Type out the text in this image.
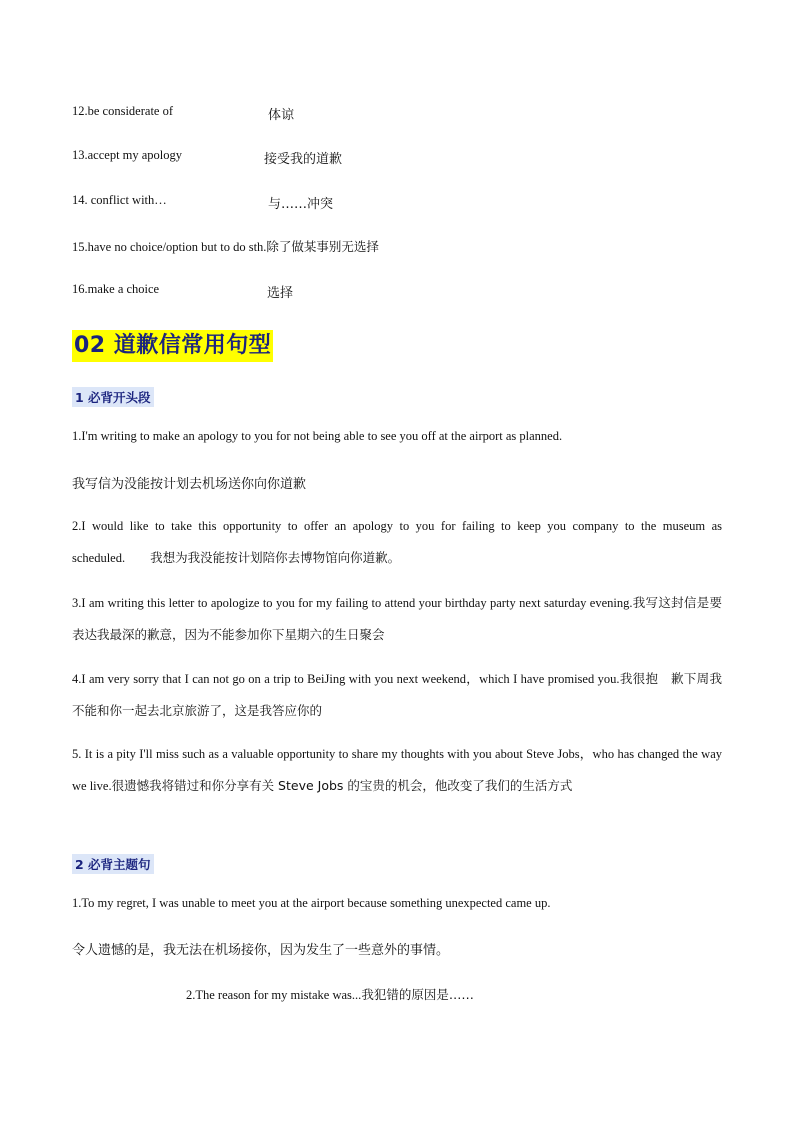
12.be considerate of	体谅
13.accept my apology	接受我的道歉
14. conflict with…	与……冲突
15.have no choice/option but to do sth.除了做某事别无选择
16.make a choice	选择
02 道歉信常用句型
1 必背开头段
1.I'm writing to make an apology to you for not being able to see you off at the airport as planned.
我写信为没能按计划去机场送你向你道歉
2.I would like to take this opportunity to offer an apology to you for failing to keep you company to the museum as scheduled. 我想为我没能按计划陪你去博物馆向你道歉。
3.I am writing this letter to apologize to you for my failing to attend your birthday party next saturday evening.我写这封信是要　表达我最深的歉意，因为不能参加你下星期六的生日聚会
4.I am very sorry that I can not go on a trip to BeiJing with you next weekend，which I have promised you.我很抱　歉下周我不能和你一起去北京旅游了，这是我答应你的
5. It is a pity I'll miss such as a valuable opportunity to share my thoughts with you about Steve Jobs，who has changed the way we live.很遗憾我将错过和你分享有关 Steve Jobs 的宝贵的机会，他改变了我们的生活方式
2 必背主题句
1.To my regret, I was unable to meet you at the airport because something unexpected came up.
令人遗憾的是，我无法在机场接你，因为发生了一些意外的事情。
2.The reason for my mistake was...我犯错的原因是……
